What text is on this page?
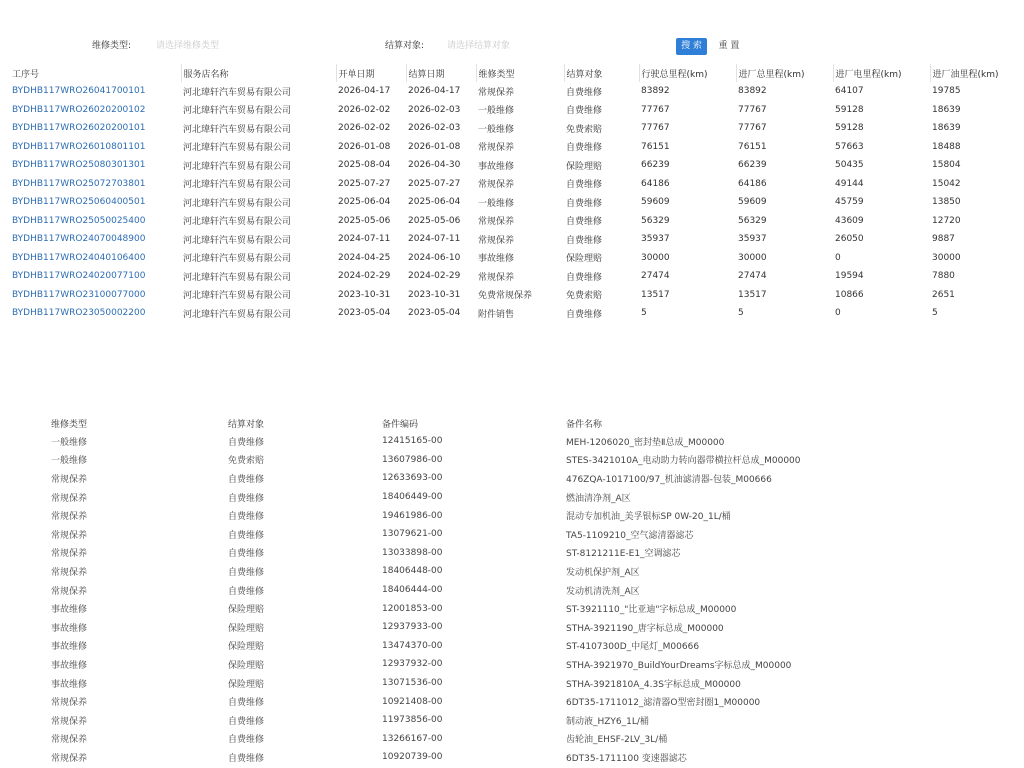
维修类型:
请选择维修类型	结算对象:
请选择结算对象	搜 索	重 置
工序号	服务店名称	开单日期	结算日期	维修类型	结算对象	行驶总里程(km)	进厂总里程(km)	进厂电里程(km)	进厂油里程(km)
BYDHB117WRO26041700101	河北瑋轩汽车贸易有限公司	2026-04-17	2026-04-17	常规保养	自费维修	83892	83892	64107	19785
BYDHB117WRO26020200102	河北瑋轩汽车贸易有限公司	2026-02-02	2026-02-03	一般维修	自费维修	77767	77767	59128	18639
BYDHB117WRO26020200101	河北瑋轩汽车贸易有限公司	2026-02-02	2026-02-03	一般维修	免费索赔	77767	77767	59128	18639
BYDHB117WRO26010801101	河北瑋轩汽车贸易有限公司	2026-01-08	2026-01-08	常规保养	自费维修	76151	76151	57663	18488
BYDHB117WRO25080301301	河北瑋轩汽车贸易有限公司	2025-08-04	2026-04-30	事故维修	保险理赔	66239	66239	50435	15804
BYDHB117WRO25072703801	河北瑋轩汽车贸易有限公司	2025-07-27	2025-07-27	常规保养	自费维修	64186	64186	49144	15042
BYDHB117WRO25060400501	河北瑋轩汽车贸易有限公司	2025-06-04	2025-06-04	一般维修	自费维修	59609	59609	45759	13850
BYDHB117WRO25050025400	河北瑋轩汽车贸易有限公司	2025-05-06	2025-05-06	常规保养	自费维修	56329	56329	43609	12720
BYDHB117WRO24070048900	河北瑋轩汽车贸易有限公司	2024-07-11	2024-07-11	常规保养	自费维修	35937	35937	26050	9887
BYDHB117WRO24040106400	河北瑋轩汽车贸易有限公司	2024-04-25	2024-06-10	事故维修	保险理赔	30000	30000	0	30000
BYDHB117WRO24020077100	河北瑋轩汽车贸易有限公司	2024-02-29	2024-02-29	常规保养	自费维修	27474	27474	19594	7880
BYDHB117WRO23100077000	河北瑋轩汽车贸易有限公司	2023-10-31	2023-10-31	免费常规保养	免费索赔	13517	13517	10866	2651
BYDHB117WRO23050002200	河北瑋轩汽车贸易有限公司	2023-05-04	2023-05-04	附件销售	自费维修	5	5	0	5
维修类型	结算对象	备件编码	备件名称
一般维修	自费维修	12415165-00	MEH-1206020_密封垫Ⅱ总成_M00000
一般维修	免费索赔	13607986-00	STES-3421010A_电动助力转向器带横拉杆总成_M00000
常规保养	自费维修	12633693-00	476ZQA-1017100/97_机油滤清器-包装_M00666
常规保养	自费维修	18406449-00	燃油清净剂_A区
常规保养	自费维修	19461986-00	混动专加机油_美孚银标SP 0W-20_1L/桶
常规保养	自费维修	13079621-00	TA5-1109210_空气滤清器滤芯
常规保养	自费维修	13033898-00	ST-8121211E-E1_空调滤芯
常规保养	自费维修	18406448-00	发动机保护剂_A区
常规保养	自费维修	18406444-00	发动机清洗剂_A区
事故维修	保险理赔	12001853-00	ST-3921110_"比亚迪"字标总成_M00000
事故维修	保险理赔	12937933-00	STHA-3921190_唐字标总成_M00000
事故维修	保险理赔	13474370-00	ST-4107300D_中尾灯_M00666
事故维修	保险理赔	12937932-00	STHA-3921970_BuildYourDreams字标总成_M00000
事故维修	保险理赔	13071536-00	STHA-3921810A_4.3S字标总成_M00000
常规保养	自费维修	10921408-00	6DT35-1711012_滤清器O型密封圈1_M00000
常规保养	自费维修	11973856-00	制动液_HZY6_1L/桶
常规保养	自费维修	13266167-00	齿轮油_EHSF-2LV_3L/桶
常规保养	自费维修	10920739-00	6DT35-1711100 变速器滤芯
